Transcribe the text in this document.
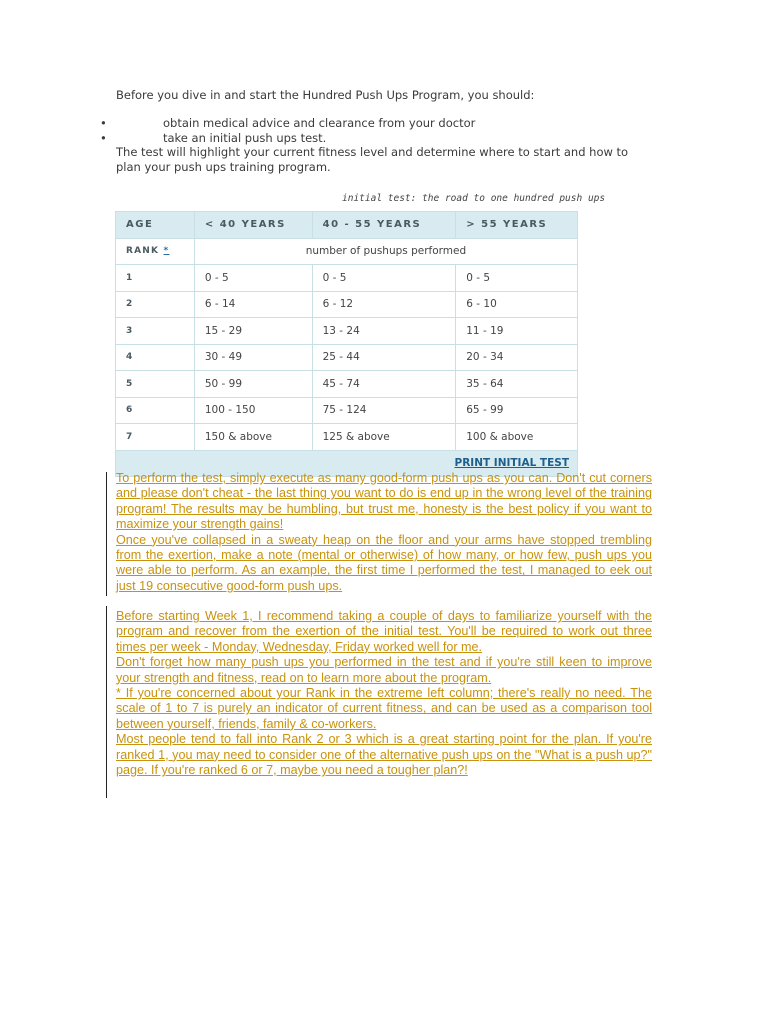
Before you dive in and start the Hundred Push Ups Program, you should:
•	obtain medical advice and clearance from your doctor
•	take an initial push ups test.
The test will highlight your current fitness level and determine where to start and how to plan your push ups training program.
initial test: the road to one hundred push ups
AGE	< 40 YEARS	40 - 55 YEARS	> 55 YEARS
RANK *	number of pushups performed		
1	0 - 5	0 - 5	0 - 5
2	6 - 14	6 - 12	6 - 10
3	15 - 29	13 - 24	11 - 19
4	30 - 49	25 - 44	20 - 34
5	50 - 99	45 - 74	35 - 64
6	100 - 150	75 - 124	65 - 99
7	150 & above	125 & above	100 & above
PRINT INITIAL TEST			

To perform the test, simply execute as many good-form push ups as you can. Don't cut corners and please don't cheat - the last thing you want to do is end up in the wrong level of the training program! The results may be humbling, but trust me, honesty is the best policy if you want to maximize your strength gains!

Once you've collapsed in a sweaty heap on the floor and your arms have stopped trembling from the exertion, make a note (mental or otherwise) of how many, or how few, push ups you were able to perform. As an example, the first time I performed the test, I managed to eek out just 19 consecutive good-form push ups.

Before starting Week 1, I recommend taking a couple of days to familiarize yourself with the program and recover from the exertion of the initial test. You'll be required to work out three times per week - Monday, Wednesday, Friday worked well for me.

Don't forget how many push ups you performed in the test and if you're still keen to improve your strength and fitness, read on to learn more about the program.

* If you're concerned about your Rank in the extreme left column; there's really no need. The scale of 1 to 7 is purely an indicator of current fitness, and can be used as a comparison tool between yourself, friends, family & co-workers.

Most people tend to fall into Rank 2 or 3 which is a great starting point for the plan. If you're ranked 1, you may need to consider one of the alternative push ups on the "What is a push up?" page. If you're ranked 6 or 7, maybe you need a tougher plan?!
